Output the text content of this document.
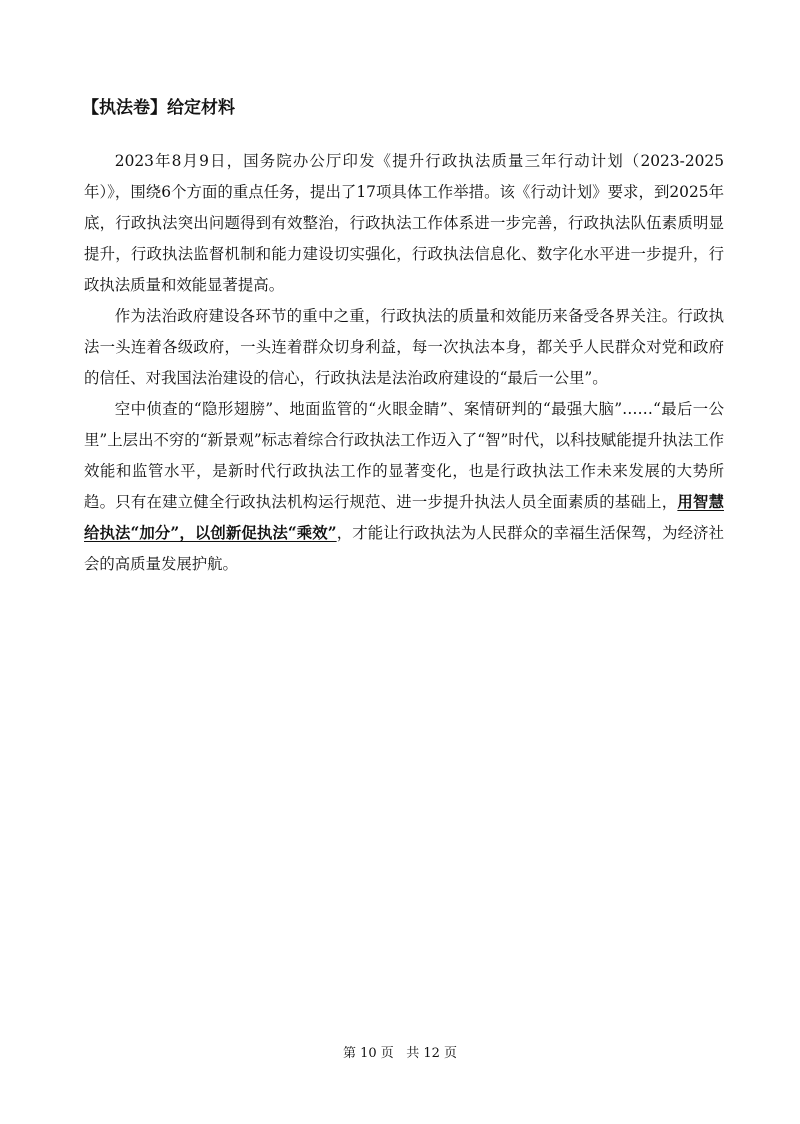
【执法卷】给定材料

2023年8月9日，国务院办公厅印发《提升行政执法质量三年行动计划（2023-2025年）》，围绕6个方面的重点任务，提出了17项具体工作举措。该《行动计划》要求，到2025年底，行政执法突出问题得到有效整治，行政执法工作体系进一步完善，行政执法队伍素质明显提升，行政执法监督机制和能力建设切实强化，行政执法信息化、数字化水平进一步提升，行政执法质量和效能显著提高。

作为法治政府建设各环节的重中之重，行政执法的质量和效能历来备受各界关注。行政执法一头连着各级政府，一头连着群众切身利益，每一次执法本身，都关乎人民群众对党和政府的信任、对我国法治建设的信心，行政执法是法治政府建设的“最后一公里”。

空中侦查的“隐形翅膀”、地面监管的“火眼金睛”、案情研判的“最强大脑”……“最后一公里”上层出不穷的“新景观”标志着综合行政执法工作迈入了“智”时代，以科技赋能提升执法工作效能和监管水平，是新时代行政执法工作的显著变化，也是行政执法工作未来发展的大势所趋。只有在建立健全行政执法机构运行规范、进一步提升执法人员全面素质的基础上，用智慧给执法“加分”，以创新促执法“乘效”，才能让行政执法为人民群众的幸福生活保驾，为经济社会的高质量发展护航。

第 10 页   共 12 页
